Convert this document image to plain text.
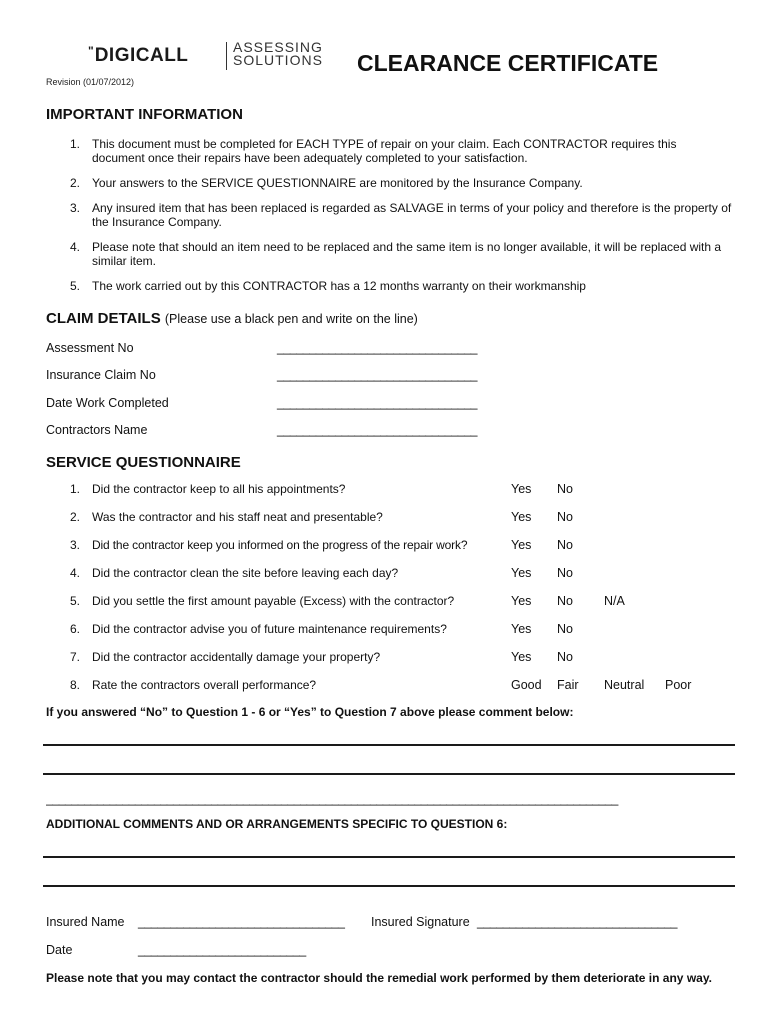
" DIGICALL	ASSESSING
SOLUTIONS CLEARANCE CERTIFICATE
Revision (01/07/2012)
IMPORTANT INFORMATION
1. This document must be completed for EACH TYPE of repair on your claim. Each CONTRACTOR requires this document once their repairs have been adequately completed to your satisfaction.
2. Your answers to the SERVICE QUESTIONNAIRE are monitored by the Insurance Company.
3. Any insured item that has been replaced is regarded as SALVAGE in terms of your policy and therefore is the property of the Insurance Company.
4. Please note that should an item need to be replaced and the same item is no longer available, it will be replaced with a similar item.
5. The work carried out by this CONTRACTOR has a 12 months warranty on their workmanship
CLAIM DETAILS (Please use a black pen and write on the line)
Assessment No	_______________________________
Insurance Claim No	_______________________________
Date Work Completed	_______________________________
Contractors Name	_______________________________
SERVICE QUESTIONNAIRE
1. Did the contractor keep to all his appointments?	Yes No
2. Was the contractor and his staff neat and presentable?	Yes No
3. Did the contractor keep you informed on the progress of the repair work?	Yes No
4. Did the contractor clean the site before leaving each day?	Yes No
5. Did you settle the first amount payable (Excess) with the contractor?	Yes No N/A
6. Did the contractor advise you of future maintenance requirements?	Yes No
7. Did the contractor accidentally damage your property?	Yes No
8. Rate the contractors overall performance?	Good Fair Neutral Poor
If you answered “No” to Question 1 - 6 or “Yes” to Question 7 above please comment below:
__________________________________________________________________________________________
ADDITIONAL COMMENTS AND OR ARRANGEMENTS SPECIFIC TO QUESTION 6:
Insured Name ________________________________ Insured Signature _______________________________
Date	__________________________
Please note that you may contact the contractor should the remedial work performed by them deteriorate in any way.
